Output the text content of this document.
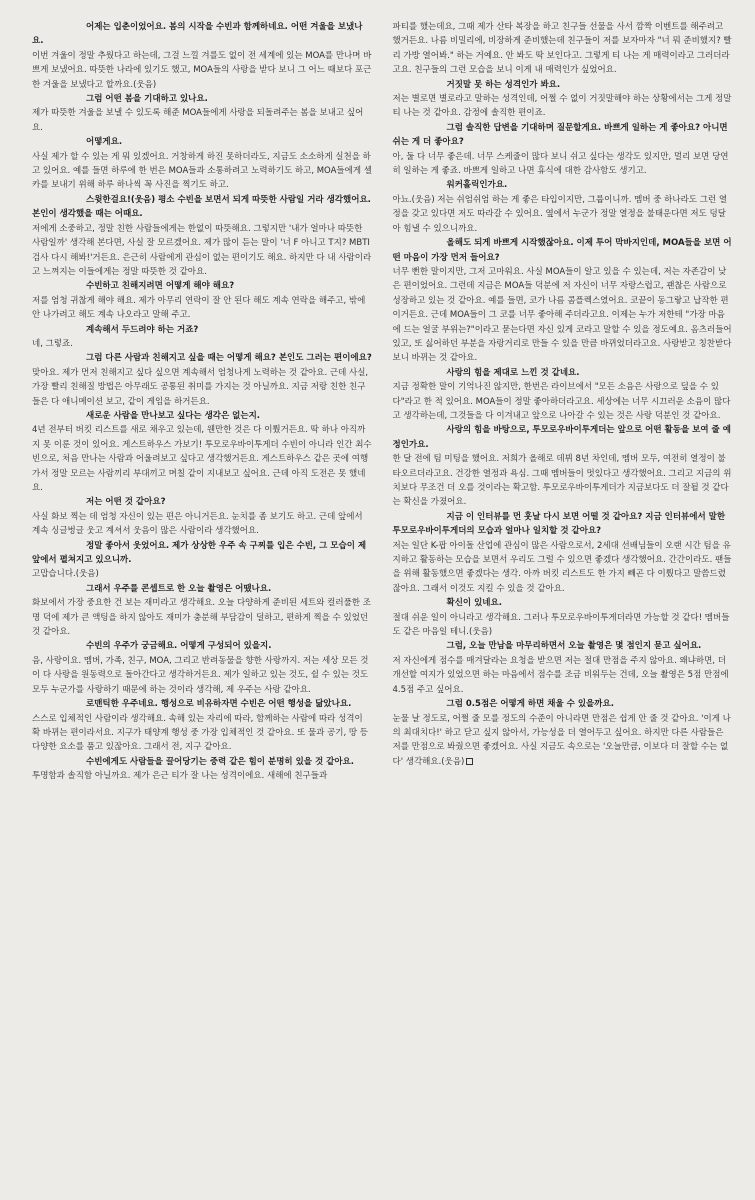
어제는 입춘이었어요. 봄의 시작을 수빈과 함께하네요. 어떤 겨울을 보냈나요.

이번 겨울이 정말 추웠다고 하는데, 그걸 느낄 겨를도 없이 전 세계에 있는 MOA를 만나며 바쁘게 보냈어요. 따뜻한 나라에 있기도 했고, MOA들의 사랑을 받다 보니 그 어느 때보다 포근한 겨울을 보냈다고 할까요.(웃음)

그럼 어떤 봄을 기대하고 있나요.

제가 따뜻한 겨울을 보낼 수 있도록 해준 MOA들에게 사랑을 되돌려주는 봄을 보내고 싶어요.

어떻게요.

사실 제가 할 수 있는 게 뭐 있겠어요. 거창하게 하진 못하더라도, 지금도 소소하게 실천을 하고 있어요. 예를 들면 하루에 한 번은 MOA들과 소통하려고 노력하기도 하고, MOA들에게 셀카를 보내기 위해 하루 하나씩 꼭 사진을 찍기도 하고.

스윗한걸요!(웃음) 평소 수빈을 보면서 되게 따뜻한 사람일 거라 생각했어요. 본인이 생각했을 때는 어때요.

저에게 소중하고, 정말 친한 사람들에게는 한없이 따뜻해요. 그렇지만 '내가 얼마나 따뜻한 사람일까' 생각해 본다면, 사실 잘 모르겠어요. 제가 많이 듣는 말이 '너 F 아니고 T지? MBTI 검사 다시 해봐!'거든요. 은근히 사람에게 관심이 없는 편이기도 해요. 하지만 다 내 사람이라고 느껴지는 이들에게는 정말 따뜻한 것 같아요.

수빈하고 친해지려면 어떻게 해야 해요?

저를 엄청 귀찮게 해야 해요. 제가 아무리 연락이 잘 안 된다 해도 계속 연락을 해주고, 밖에 안 나가려고 해도 계속 나오라고 말해 주고.

계속해서 두드려야 하는 거죠?

네, 그렇죠.

그럼 다른 사람과 친해지고 싶을 때는 어떻게 해요? 본인도 그러는 편이에요?

맞아요. 제가 먼저 친해지고 싶다 싶으면 계속해서 엄청나게 노력하는 것 같아요. 근데 사실, 가장 빨리 친해질 방법은 아무래도 공통된 취미를 가지는 것 아닐까요. 지금 저랑 친한 친구들은 다 애니메이션 보고, 같이 게임을 하거든요.

새로운 사람을 만나보고 싶다는 생각은 없는지.

4년 전부터 버킷 리스트를 새로 채우고 있는데, 웬만한 것은 다 이뤘거든요. 딱 하나 아직까지 못 이룬 것이 있어요. 게스트하우스 가보기! 투모로우바이투게더 수빈이 아니라 인간 최수빈으로, 처음 만나는 사람과 어울려보고 싶다고 생각했거든요. 게스트하우스 같은 곳에 여행 가서 정말 모르는 사람끼리 부대끼고 며칠 같이 지내보고 싶어요. 근데 아직 도전은 못 했네요.

저는 어떤 것 같아요?

사실 화보 찍는 데 엄청 자신이 있는 편은 아니거든요. 눈치를 좀 보기도 하고. 근데 앞에서 계속 싱글벙글 웃고 계셔서 웃음이 많은 사람이라 생각했어요.

정말 좋아서 웃었어요. 제가 상상한 우주 속 구찌를 입은 수빈, 그 모습이 제 앞에서 펼쳐지고 있으니까.

고맙습니다.(웃음)

그래서 우주를 콘셉트로 한 오늘 촬영은 어땠나요.

화보에서 가장 중요한 건 보는 재미라고 생각해요. 오늘 다양하게 준비된 세트와 컬러풀한 조명 덕에 제가 큰 액팅을 하지 않아도 재미가 충분해 부담감이 덜하고, 편하게 찍을 수 있었던 것 같아요.

수빈의 우주가 궁금해요. 어떻게 구성되어 있을지.

음, 사랑이요. 멤버, 가족, 친구, MOA, 그리고 반려동물을 향한 사랑까지. 저는 세상 모든 것이 다 사랑을 원동력으로 돌아간다고 생각하거든요. 제가 일하고 있는 것도, 쉴 수 있는 것도 모두 누군가를 사랑하기 때문에 하는 것이라 생각해, 제 우주는 사랑 같아요.

로맨틱한 우주네요. 행성으로 비유하자면 수빈은 어떤 행성을 닮았나요.

스스로 입체적인 사람이라 생각해요. 속해 있는 자리에 따라, 함께하는 사람에 따라 성격이 확 바뀌는 편이라서요. 지구가 태양계 행성 중 가장 입체적인 것 같아요. 또 물과 공기, 땅 등 다양한 요소를 품고 있잖아요. 그래서 전, 지구 같아요.

수빈에게도 사람들을 끌어당기는 중력 같은 힘이 분명히 있을 것 같아요.

투명함과 솔직함 아닐까요. 제가 은근 티가 잘 나는 성격이에요. 새해에 친구들과

파티를 했는데요, 그때 제가 산타 복장을 하고 친구들 선물을 사서 깜짝 이벤트를 해주려고 했거든요. 나름 비밀리에, 비장하게 준비했는데 친구들이 저를 보자마자 "너 뭐 준비했지? 빨리 가방 열어봐." 하는 거예요. 안 봐도 딱 보인다고. 그렇게 티 나는 게 매력이라고 그러더라고요. 친구들의 그런 모습을 보니 이게 내 매력인가 싶었어요.

거짓말 못 하는 성격인가 봐요.

저는 별로면 별로라고 말하는 성격인데, 어쩔 수 없이 거짓말해야 하는 상황에서는 그게 정말 티 나는 것 같아요. 감정에 솔직한 편이죠.

그럼 솔직한 답변을 기대하며 질문할게요. 바쁘게 일하는 게 좋아요? 아니면 쉬는 게 더 좋아요?

아, 둘 다 너무 좋은데. 너무 스케줄이 많다 보니 쉬고 싶다는 생각도 있지만, 멀리 보면 당연히 일하는 게 좋죠. 바쁘게 일하고 나면 휴식에 대한 감사함도 생기고.

워커홀릭인가요.

아뇨.(웃음) 저는 쉬엄쉬엄 하는 게 좋은 타입이지만, 그룹이니까. 멤버 중 하나라도 그런 열정을 갖고 있다면 저도 따라갈 수 있어요. 옆에서 누군가 정말 열정을 불태운다면 저도 덩달아 힘낼 수 있으니까요.

올해도 되게 바쁘게 시작했잖아요. 이제 투어 막바지인데, MOA들을 보면 어떤 마음이 가장 먼저 들어요?

너무 뻔한 말이지만, 그저 고마워요. 사실 MOA들이 알고 있을 수 있는데, 저는 자존감이 낮은 편이었어요. 그런데 지금은 MOA들 덕분에 저 자신이 너무 자랑스럽고, 괜찮은 사람으로 성장하고 있는 것 같아요. 예를 들면, 코가 나름 콤플렉스였어요. 코끝이 동그랗고 납작한 편이거든요. 근데 MOA들이 그 코를 너무 좋아해 주더라고요. 이제는 누가 저한테 "가장 마음에 드는 얼굴 부위는?"이라고 묻는다면 자신 있게 코라고 말할 수 있을 정도예요. 옴츠러들어 있고, 또 싫어하던 부분을 자랑거리로 만들 수 있을 만큼 바뀌었더라고요. 사랑받고 칭찬받다 보니 바뀌는 것 같아요.

사랑의 힘을 제대로 느낀 것 같네요.

지금 정확한 말이 기억나진 않지만, 한번은 라이브에서 "모든 소음은 사랑으로 덮을 수 있다"라고 한 적 있어요. MOA들이 정말 좋아하더라고요. 세상에는 너무 시끄러운 소음이 많다고 생각하는데, 그것들을 다 이겨내고 앞으로 나아갈 수 있는 것은 사랑 덕분인 것 같아요.

사랑의 힘을 바탕으로, 투모로우바이투게더는 앞으로 어떤 활동을 보여 줄 예정인가요.

한 달 전에 팀 미팅을 했어요. 저희가 올해로 데뷔 8년 차인데, 멤버 모두, 여전히 열정이 불타오르더라고요. 건강한 열정과 욕심. 그때 멤버들이 멋있다고 생각했어요. 그리고 지금의 위치보다 무조건 더 오를 것이라는 확고함. 투모로우바이투게더가 지금보다도 더 잘될 것 같다는 확신을 가졌어요.

지금 이 인터뷰를 먼 훗날 다시 보면 어떨 것 같아요? 지금 인터뷰에서 말한 투모로우바이투게더의 모습과 얼마나 일치할 것 같아요?

저는 일단 K-팝 아이돌 산업에 관심이 많은 사람으로서, 2세대 선배님들이 오랜 시간 팀을 유지하고 활동하는 모습을 보면서 우리도 그럴 수 있으면 좋겠다 생각했어요. 간간이라도. 팬들을 위해 활동했으면 좋겠다는 생각. 아까 버킷 리스트도 한 가지 빼곤 다 이뤘다고 말씀드렸잖아요. 그래서 이것도 지킬 수 있을 것 같아요.

확신이 있네요.

절대 쉬운 일이 아니라고 생각해요. 그러나 투모로우바이투게더라면 가능할 것 같다! 멤버들도 같은 마음일 테니.(웃음)

그럼, 오늘 만남을 마무리하면서 오늘 촬영은 몇 점인지 묻고 싶어요.

저 자신에게 점수를 매겨달라는 요청을 받으면 저는 절대 만점을 주지 않아요. 왜냐하면, 더 개선할 여지가 있었으면 하는 마음에서 점수를 조금 비워두는 건데, 오늘 촬영은 5점 만점에 4.5점 주고 싶어요.

그럼 0.5점은 어떻게 하면 채울 수 있을까요.

눈물 날 정도로, 어쩔 줄 모를 정도의 수준이 아니라면 만점은 쉽게 안 줄 것 같아요. '이게 나의 최대치다!' 하고 닫고 싶지 않아서, 가능성을 더 열어두고 싶어요. 하지만 다른 사람들은 저를 만점으로 봐줬으면 좋겠어요. 사실 지금도 속으로는 '오늘만큼, 이보다 더 잘할 수는 없다' 생각해요.(웃음)
